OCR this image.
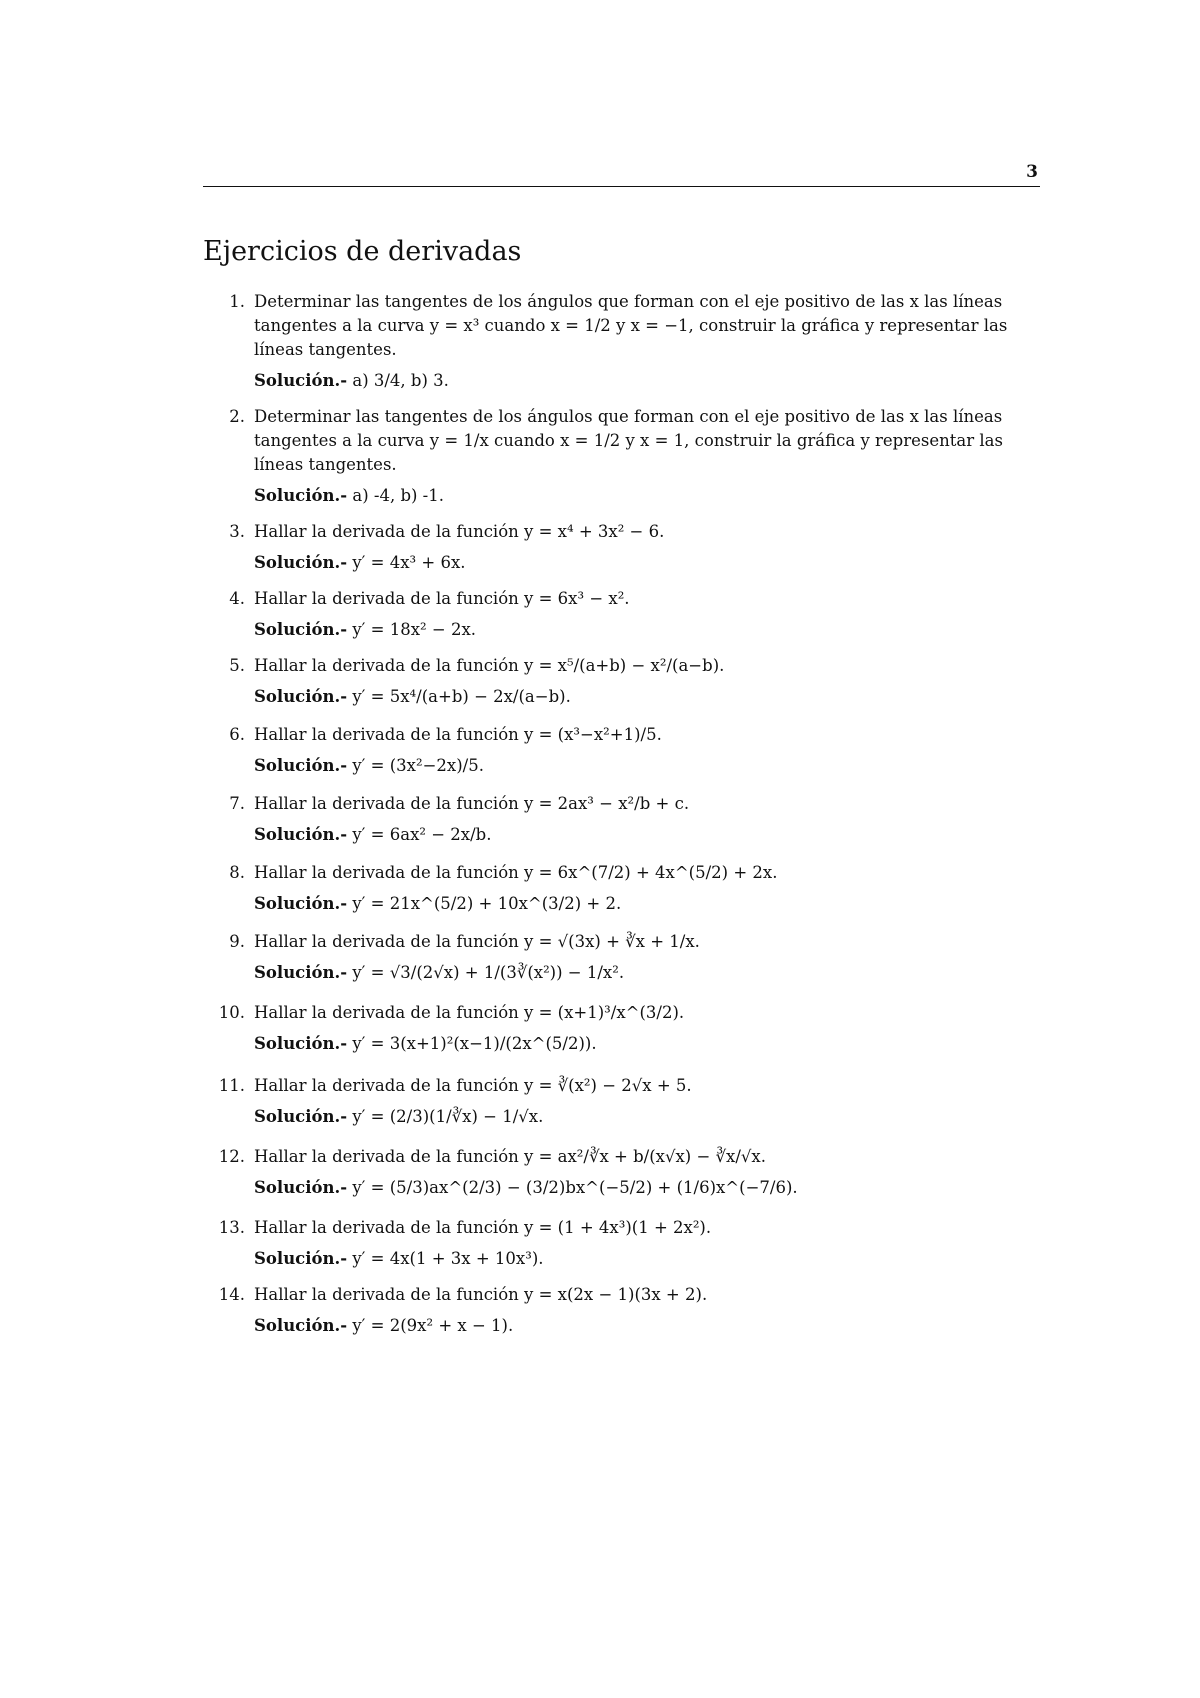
3
Ejercicios de derivadas
1. Determinar las tangentes de los ángulos que forman con el eje positivo de las x las líneas tangentes a la curva y = x³ cuando x = 1/2 y x = −1, construir la gráfica y representar las líneas tangentes.
Solución.- a) 3/4, b) 3.
2. Determinar las tangentes de los ángulos que forman con el eje positivo de las x las líneas tangentes a la curva y = 1/x cuando x = 1/2 y x = 1, construir la gráfica y representar las líneas tangentes.
Solución.- a) -4, b) -1.
3. Hallar la derivada de la función y = x⁴ + 3x² − 6.
Solución.- y′ = 4x³ + 6x.
4. Hallar la derivada de la función y = 6x³ − x².
Solución.- y′ = 18x² − 2x.
5. Hallar la derivada de la función y = x⁵/(a+b) − x²/(a−b).
Solución.- y′ = 5x⁴/(a+b) − 2x/(a−b).
6. Hallar la derivada de la función y = (x³−x²+1)/5.
Solución.- y′ = (3x²−2x)/5.
7. Hallar la derivada de la función y = 2ax³ − x²/b + c.
Solución.- y′ = 6ax² − 2x/b.
8. Hallar la derivada de la función y = 6x^(7/2) + 4x^(5/2) + 2x.
Solución.- y′ = 21x^(5/2) + 10x^(3/2) + 2.
9. Hallar la derivada de la función y = √(3x) + ∛x + 1/x.
Solución.- y′ = √3/(2√x) + 1/(3∛(x²)) − 1/x².
10. Hallar la derivada de la función y = (x+1)³/x^(3/2).
Solución.- y′ = 3(x+1)²(x−1)/(2x^(5/2)).
11. Hallar la derivada de la función y = ∛(x²) − 2√x + 5.
Solución.- y′ = (2/3)(1/∛x) − 1/√x.
12. Hallar la derivada de la función y = ax²/∛x + b/(x√x) − ∛x/√x.
Solución.- y′ = (5/3)ax^(2/3) − (3/2)bx^(−5/2) + (1/6)x^(−7/6).
13. Hallar la derivada de la función y = (1 + 4x³)(1 + 2x²).
Solución.- y′ = 4x(1 + 3x + 10x³).
14. Hallar la derivada de la función y = x(2x − 1)(3x + 2).
Solución.- y′ = 2(9x² + x − 1).
